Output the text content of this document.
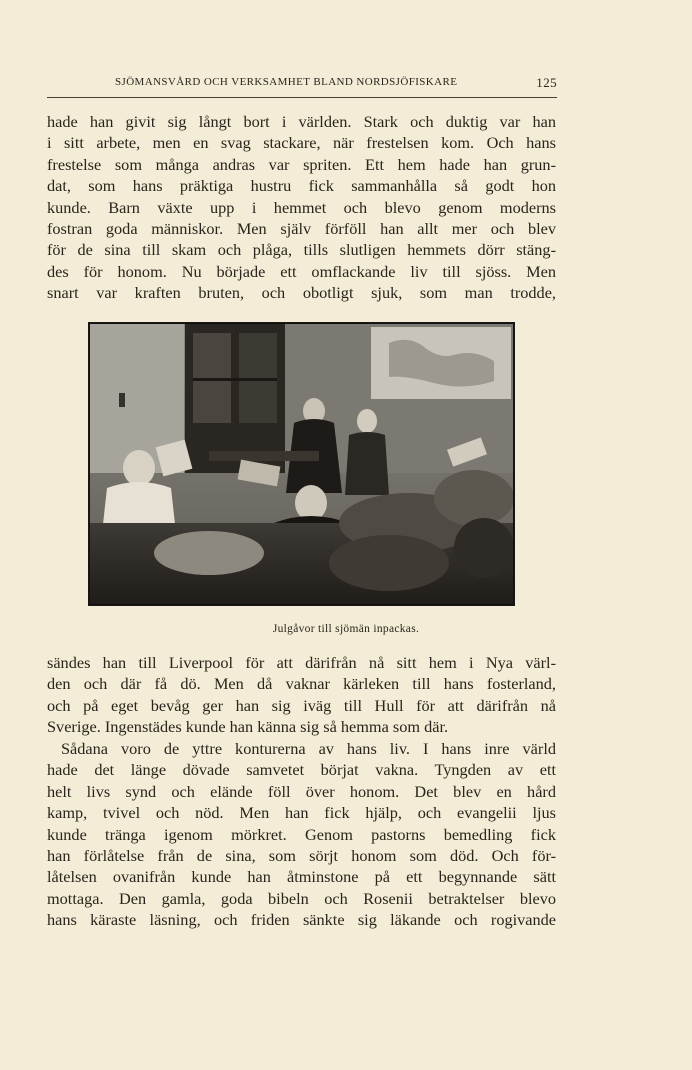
SJÖMANSVÅRD OCH VERKSAMHET BLAND NORDSJÖFISKARE	125
hade han givit sig långt bort i världen. Stark och duktig var han
i sitt arbete, men en svag stackare, när frestelsen kom. Och hans
frestelse som många andras var spriten. Ett hem hade han grun-
dat, som hans präktiga hustru fick sammanhålla så godt hon
kunde. Barn växte upp i hemmet och blevo genom moderns
fostran goda människor. Men själv förföll han allt mer och blev
för de sina till skam och plåga, tills slutligen hemmets dörr stäng-
des för honom. Nu började ett omflackande liv till sjöss. Men
snart var kraften bruten, och obotligt sjuk, som man trodde,
Julgåvor till sjömän inpackas.
sändes han till Liverpool för att därifrån nå sitt hem i Nya värl-
den och där få dö. Men då vaknar kärleken till hans fosterland,
och på eget bevåg ger han sig iväg till Hull för att därifrån nå
Sverige. Ingenstädes kunde han känna sig så hemma som där.
Sådana voro de yttre konturerna av hans liv. I hans inre värld
hade det länge dövade samvetet börjat vakna. Tyngden av ett
helt livs synd och elände föll över honom. Det blev en hård
kamp, tvivel och nöd. Men han fick hjälp, och evangelii ljus
kunde tränga igenom mörkret. Genom pastorns bemedling fick
han förlåtelse från de sina, som sörjt honom som död. Och för-
låtelsen ovanifrån kunde han åtminstone på ett begynnande sätt
mottaga. Den gamla, goda bibeln och Rosenii betraktelser blevo
hans käraste läsning, och friden sänkte sig läkande och rogivande
